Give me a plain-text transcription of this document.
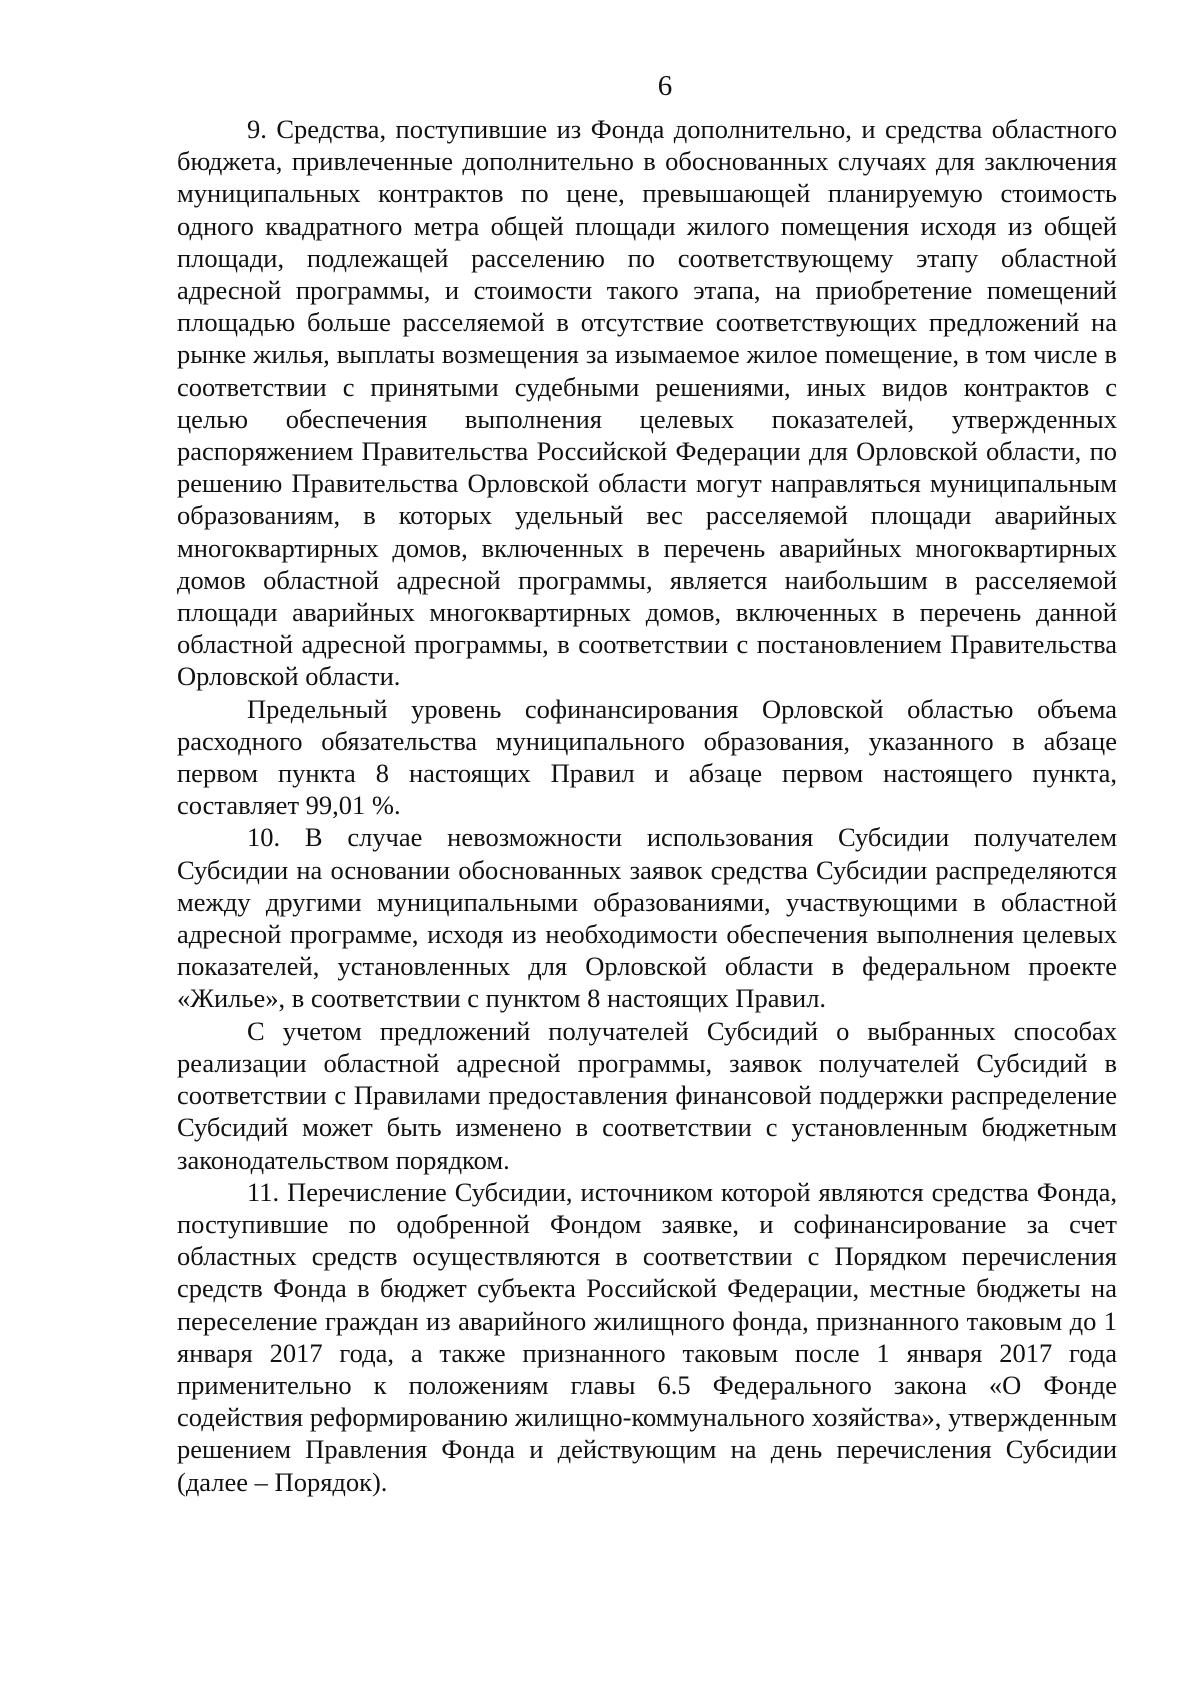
6

9. Средства, поступившие из Фонда дополнительно, и средства областного бюджета, привлеченные дополнительно в обоснованных случаях для заключения муниципальных контрактов по цене, превышающей планируемую стоимость одного квадратного метра общей площади жилого помещения исходя из общей площади, подлежащей расселению по соответствующему этапу областной адресной программы, и стоимости такого этапа, на приобретение помещений площадью больше расселяемой в отсутствие соответствующих предложений на рынке жилья, выплаты возмещения за изымаемое жилое помещение, в том числе в соответствии с принятыми судебными решениями, иных видов контрактов с целью обеспечения выполнения целевых показателей, утвержденных распоряжением Правительства Российской Федерации для Орловской области, по решению Правительства Орловской области могут направляться муниципальным образованиям, в которых удельный вес расселяемой площади аварийных многоквартирных домов, включенных в перечень аварийных многоквартирных домов областной адресной программы, является наибольшим в расселяемой площади аварийных многоквартирных домов, включенных в перечень данной областной адресной программы, в соответствии с постановлением Правительства Орловской области.

Предельный уровень софинансирования Орловской областью объема расходного обязательства муниципального образования, указанного в абзаце первом пункта 8 настоящих Правил и абзаце первом настоящего пункта, составляет 99,01 %.

10. В случае невозможности использования Субсидии получателем Субсидии на основании обоснованных заявок средства Субсидии распределяются между другими муниципальными образованиями, участвующими в областной адресной программе, исходя из необходимости обеспечения выполнения целевых показателей, установленных для Орловской области в федеральном проекте «Жилье», в соответствии с пунктом 8 настоящих Правил.

С учетом предложений получателей Субсидий о выбранных способах реализации областной адресной программы, заявок получателей Субсидий в соответствии с Правилами предоставления финансовой поддержки распределение Субсидий может быть изменено в соответствии с установленным бюджетным законодательством порядком.

11. Перечисление Субсидии, источником которой являются средства Фонда, поступившие по одобренной Фондом заявке, и софинансирование за счет областных средств осуществляются в соответствии с Порядком перечисления средств Фонда в бюджет субъекта Российской Федерации, местные бюджеты на переселение граждан из аварийного жилищного фонда, признанного таковым до 1 января 2017 года, а также признанного таковым после 1 января 2017 года применительно к положениям главы 6.5 Федерального закона «О Фонде содействия реформированию жилищно-коммунального хозяйства», утвержденным решением Правления Фонда и действующим на день перечисления Субсидии (далее – Порядок).
